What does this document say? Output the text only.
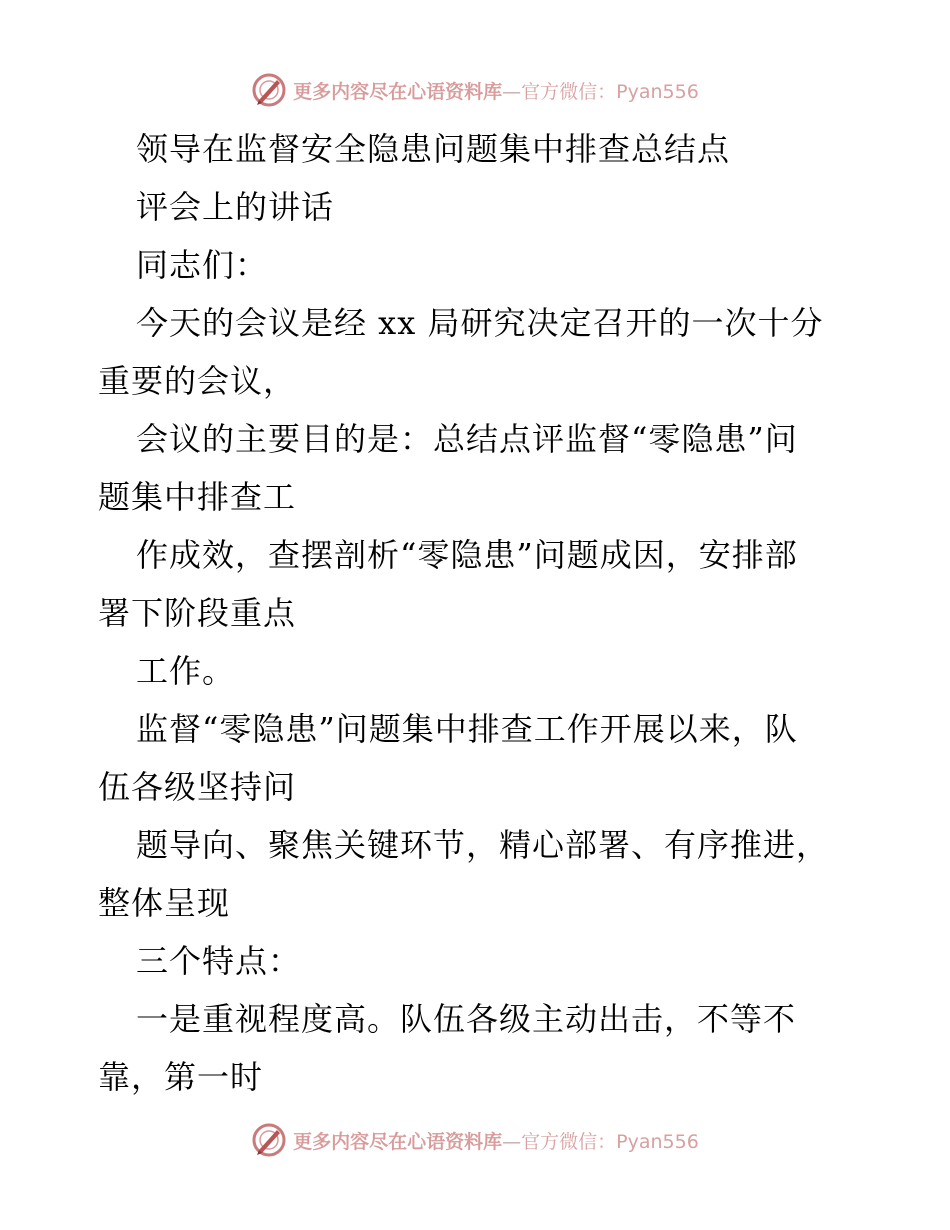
更多内容尽在心语资料库—官方微信：Pyan556
领导在监督安全隐患问题集中排查总结点
评会上的讲话
同志们：
今天的会议是经 xx 局研究决定召开的一次十分
重要的会议，
会议的主要目的是：总结点评监督“零隐患”问
题集中排查工
作成效，查摆剖析“零隐患”问题成因，安排部
署下阶段重点
工作。
监督“零隐患”问题集中排查工作开展以来，队
伍各级坚持问
题导向、聚焦关键环节，精心部署、有序推进，
整体呈现
三个特点：
一是重视程度高。队伍各级主动出击，不等不
靠，第一时
更多内容尽在心语资料库—官方微信：Pyan556
